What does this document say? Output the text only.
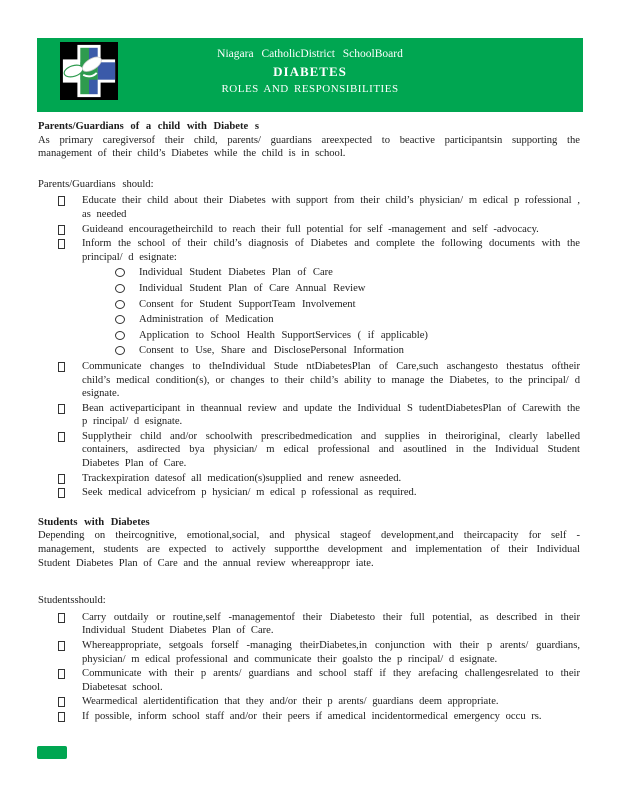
Niagara CatholicDistrict SchoolBoard
DIABETES
ROLES AND RESPONSIBILITIES
Parents/Guardians of a child with Diabete s

As primary caregiversof their child, parents/ guardians areexpected to beactive participantsin supporting the management of their child’s Diabetes while the child is in school.

Parents/Guardians should:
Educate their child about their Diabetes with support from their child’s physician/ m edical p rofessional , as needed
Guideand encouragetheirchild to reach their full potential for self -management and self -advocacy.
Inform the school of their child’s diagnosis of Diabetes and complete the following documents with the principal/ d esignate:
Individual Student Diabetes Plan of Care
Individual Student Plan of Care Annual Review
Consent for Student SupportTeam Involvement
Administration of Medication
Application to School Health SupportServices ( if applicable)
Consent to Use, Share and DisclosePersonal Information
Communicate changes to theIndividual Stude ntDiabetesPlan of Care,such aschangesto thestatus oftheir child’s medical condition(s), or changes to their child’s ability to manage the Diabetes, to the principal/ d esignate.
Bean activeparticipant in theannual review and update the Individual S tudentDiabetesPlan of Carewith the p rincipal/ d esignate.
Supplytheir child and/or schoolwith prescribedmedication and supplies in theiroriginal, clearly labelled containers, asdirected bya physician/ m edical professional and asoutlined in the Individual Student Diabetes Plan of Care.
Trackexpiration datesof all medication(s)supplied and renew asneeded.
Seek medical advicefrom p hysician/ m edical p rofessional as required.
Students with Diabetes

Depending on theircognitive, emotional,social, and physical stageof development,and theircapacity for self - management, students are expected to actively supportthe development and implementation of their Individual Student Diabetes Plan of Care and the annual review whereappropr iate.

Studentsshould:
Carry outdaily or routine,self -managementof their Diabetesto their full potential, as described in their Individual Student Diabetes Plan of Care.
Whereappropriate, setgoals forself -managing theirDiabetes,in conjunction with their p arents/ guardians, physician/ m edical professional and communicate their goalsto the p rincipal/ d esignate.
Communicate with their p arents/ guardians and school staff if they arefacing challengesrelated to their Diabetesat school.
Wearmedical alertidentification that they and/or their p arents/ guardians deem appropriate.
If possible, inform school staff and/or their peers if amedical incidentormedical emergency occu rs.
